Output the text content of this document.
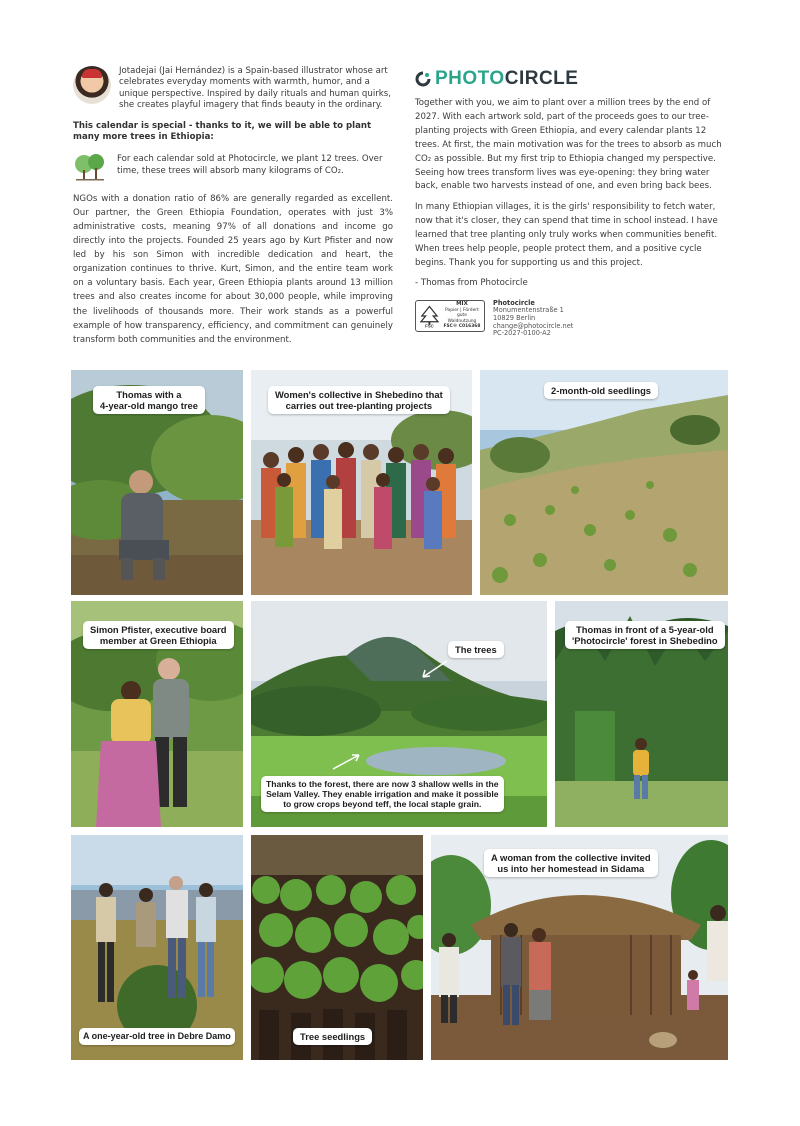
Jotadejai (Jai Hernández) is a Spain-based illustrator whose art celebrates everyday moments with warmth, humor, and a unique perspective. Inspired by daily rituals and human quirks, she creates playful imagery that finds beauty in the ordinary.

This calendar is special - thanks to it, we will be able to plant many more trees in Ethiopia:

For each calendar sold at Photocircle, we plant 12 trees. Over time, these trees will absorb many kilograms of CO₂.

NGOs with a donation ratio of 86% are generally regarded as excellent. Our partner, the Green Ethiopia Foundation, operates with just 3% administrative costs, meaning 97% of all donations and income go directly into the projects. Founded 25 years ago by Kurt Pfister and now led by his son Simon with incredible dedication and heart, the organization continues to thrive. Kurt, Simon, and the entire team work on a voluntary basis. Each year, Green Ethiopia plants around 13 million trees and also creates income for about 30,000 people, while improving the livelihoods of thousands more. Their work stands as a powerful example of how transparency, efficiency, and commitment can genuinely transform both communities and the environment.

PHOTOCIRCLE

Together with you, we aim to plant over a million trees by the end of 2027. With each artwork sold, part of the proceeds goes to our tree-planting projects with Green Ethiopia, and every calendar plants 12 trees. At first, the main motivation was for the trees to absorb as much CO₂ as possible. But my first trip to Ethiopia changed my perspective. Seeing how trees transform lives was eye-opening: they bring water back, enable two harvests instead of one, and even bring back bees.

In many Ethiopian villages, it is the girls' responsibility to fetch water, now that it's closer, they can spend that time in school instead. I have learned that tree planting only truly works when communities benefit. When trees help people, people protect them, and a positive cycle begins. Thank you for supporting us and this project.

- Thomas from Photocircle

FSC
MIX
Papier | Fördert
gute Waldnutzung
FSC® C016368
Photocircle
Monumentenstraße 1
10829 Berlin
change@photocircle.net
PC-2027-0100-A2
Thomas with a
4-year-old mango tree
Women's collective in Shebedino that
carries out tree-planting projects
2-month-old seedlings
Simon Pfister, executive board
member at Green Ethiopia
The trees
Thanks to the forest, there are now 3 shallow wells in the
Selam Valley. They enable irrigation and make it possible
to grow crops beyond teff, the local staple grain.
Thomas in front of a 5-year-old
'Photocircle' forest in Shebedino
A one-year-old tree in Debre Damo	Tree seedlings
A woman from the collective invited
us into her homestead in Sidama
